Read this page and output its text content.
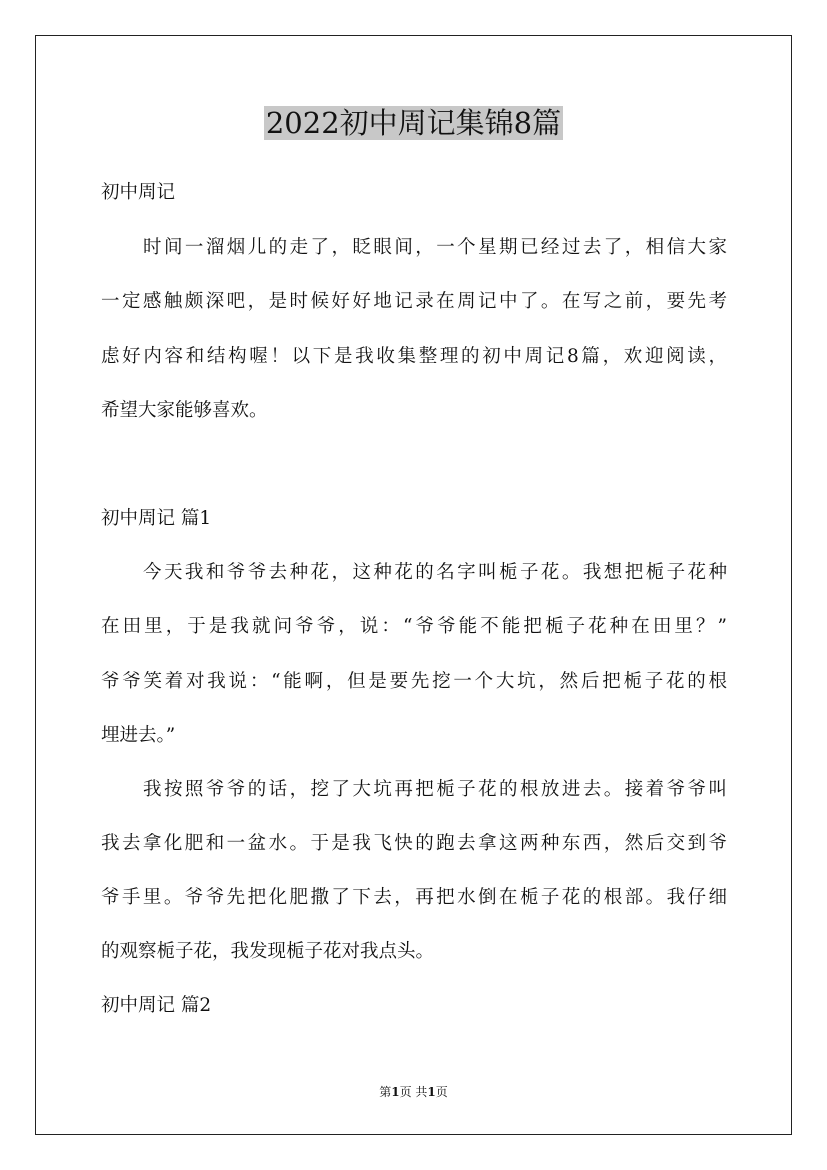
2022初中周记集锦8篇

初中周记

时间一溜烟儿的走了，眨眼间，一个星期已经过去了，相信大家

一定感触颇深吧，是时候好好地记录在周记中了。在写之前，要先考

虑好内容和结构喔！以下是我收集整理的初中周记8篇，欢迎阅读，

希望大家能够喜欢。

初中周记 篇1

今天我和爷爷去种花，这种花的名字叫栀子花。我想把栀子花种

在田里，于是我就问爷爷，说：“爷爷能不能把栀子花种在田里？”

爷爷笑着对我说：“能啊，但是要先挖一个大坑，然后把栀子花的根

埋进去。”

我按照爷爷的话，挖了大坑再把栀子花的根放进去。接着爷爷叫

我去拿化肥和一盆水。于是我飞快的跑去拿这两种东西，然后交到爷

爷手里。爷爷先把化肥撒了下去，再把水倒在栀子花的根部。我仔细

的观察栀子花，我发现栀子花对我点头。

初中周记 篇2

第1页 共1页
